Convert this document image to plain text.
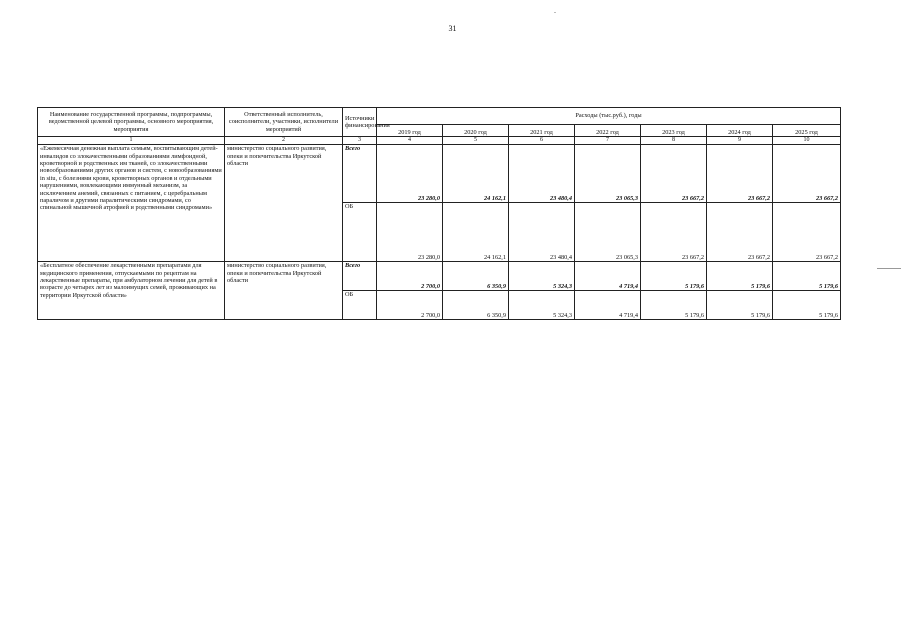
31
Наименование государственной программы, подпрограммы, ведомственной целевой программы, основного мероприятия, мероприятия	Ответственный исполнитель, соисполнители, участники, исполнители мероприятий	Источники финансирования	Расходы (тыс.руб.), годы						
			2019 год	2020 год	2021 год	2022 год	2023 год	2024 год	2025 год
1	2	3	4	5	6	7	8	9	10
«Ежемесячная денежная выплата семьям, воспитывающим детей-инвалидов со злокачественными образованиями лимфоидной, кроветворной и родственных им тканей, со злокачественными новообразованиями других органов и систем, с новообразованиями in situ, с болезнями крови, кроветворных органов и отдельными нарушениями, вовлекающими иммунный механизм, за исключением анемий, связанных с питанием, с церебральным параличом и другими паралитическими синдромами, со спинальной мышечной атрофией и родственными синдромами»	министерство социального развития, опеки и попечительства Иркутской области	Всего	23 280,0	24 162,1	23 480,4	23 065,3	23 667,2	23 667,2	23 667,2
		ОБ	23 280,0	24 162,1	23 480,4	23 065,3	23 667,2	23 667,2	23 667,2
«Бесплатное обеспечение лекарственными препаратами для медицинского применения, отпускаемыми по рецептам на лекарственные препараты, при амбулаторном лечении для детей в возрасте до четырех лет из малоимущих семей, проживающих на территории Иркутской области»	министерство социального развития, опеки и попечительства Иркутской области	Всего	2 700,0	6 350,9	5 324,3	4 719,4	5 179,6	5 179,6	5 179,6
		ОБ	2 700,0	6 350,9	5 324,3	4 719,4	5 179,6	5 179,6	5 179,6
